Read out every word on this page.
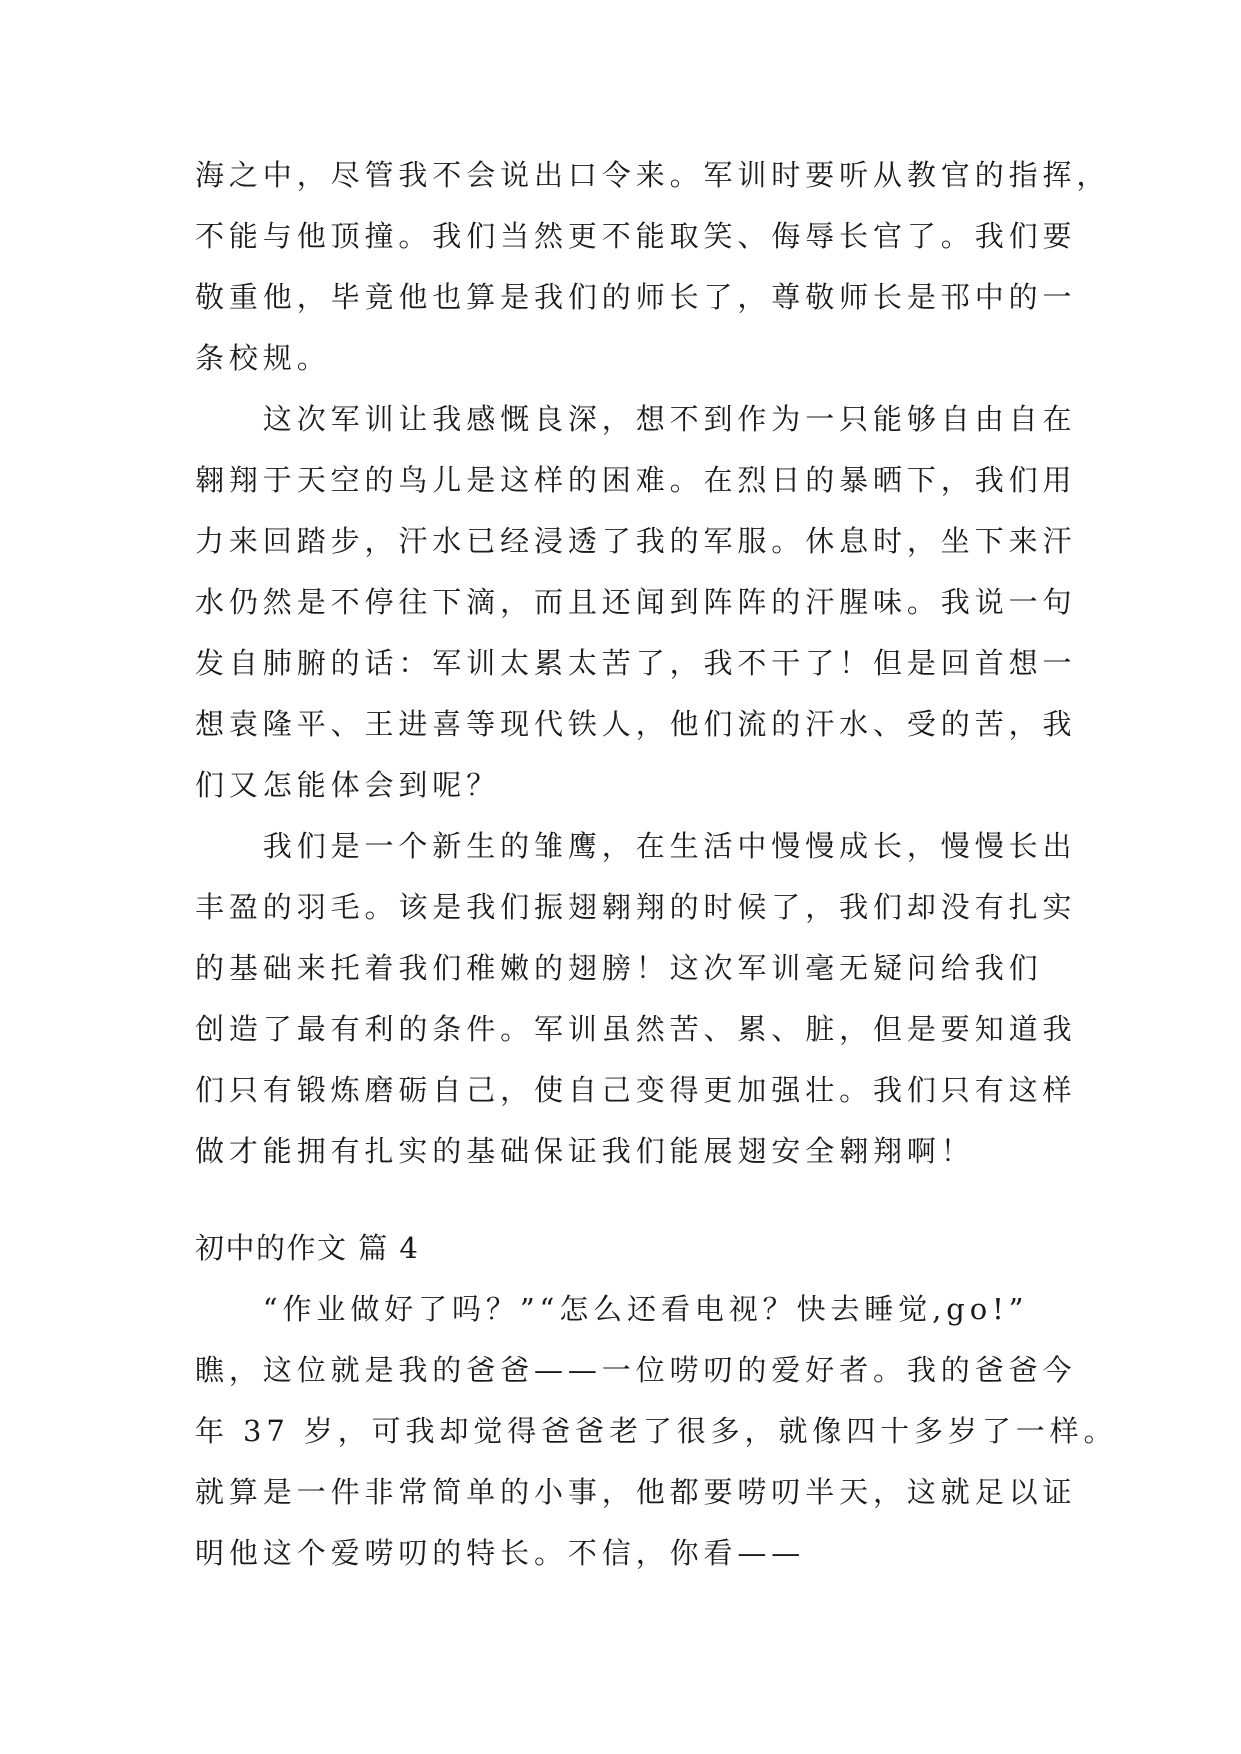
海之中，尽管我不会说出口令来。军训时要听从教官的指挥，
不能与他顶撞。我们当然更不能取笑、侮辱长官了。我们要
敬重他，毕竟他也算是我们的师长了，尊敬师长是邗中的一
条校规。
　　这次军训让我感慨良深，想不到作为一只能够自由自在
翱翔于天空的鸟儿是这样的困难。在烈日的暴晒下，我们用
力来回踏步，汗水已经浸透了我的军服。休息时，坐下来汗
水仍然是不停往下滴，而且还闻到阵阵的汗腥味。我说一句
发自肺腑的话：军训太累太苦了，我不干了！但是回首想一
想袁隆平、王进喜等现代铁人，他们流的汗水、受的苦，我
们又怎能体会到呢？
　　我们是一个新生的雏鹰，在生活中慢慢成长，慢慢长出
丰盈的羽毛。该是我们振翅翱翔的时候了，我们却没有扎实
的基础来托着我们稚嫩的翅膀！这次军训毫无疑问给我们
创造了最有利的条件。军训虽然苦、累、脏，但是要知道我
们只有锻炼磨砺自己，使自己变得更加强壮。我们只有这样
做才能拥有扎实的基础保证我们能展翅安全翱翔啊！
初中的作文 篇 4
　　“作业做好了吗？”“怎么还看电视？快去睡觉,go!”
瞧，这位就是我的爸爸——一位唠叨的爱好者。我的爸爸今
年 37 岁，可我却觉得爸爸老了很多，就像四十多岁了一样。
就算是一件非常简单的小事，他都要唠叨半天，这就足以证
明他这个爱唠叨的特长。不信，你看——
